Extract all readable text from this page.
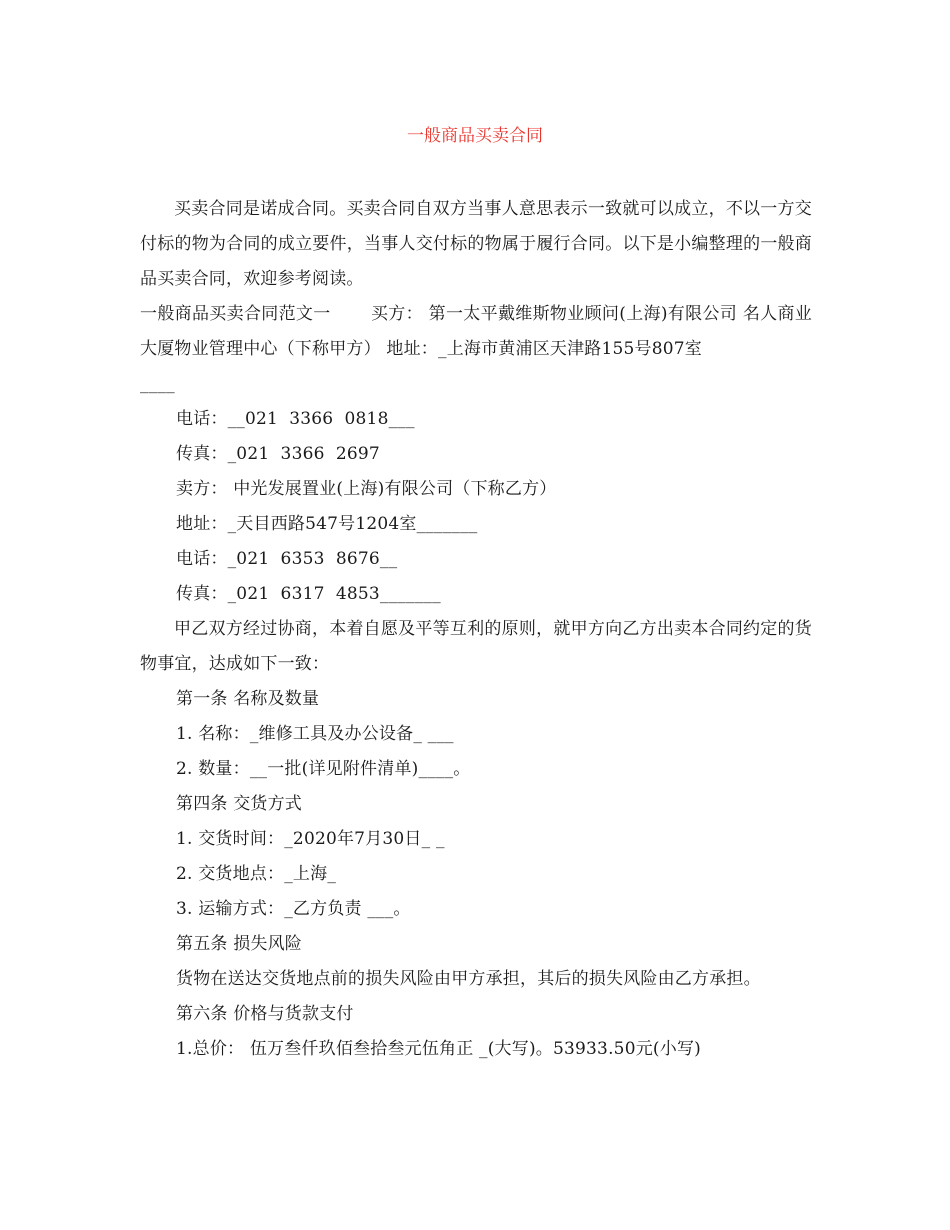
一般商品买卖合同

买卖合同是诺成合同。买卖合同自双方当事人意思表示一致就可以成立，不以一方交付标的物为合同的成立要件，当事人交付标的物属于履行合同。以下是小编整理的一般商品买卖合同，欢迎参考阅读。

一般商品买卖合同范文一　　 买方： 第一太平戴维斯物业顾问(上海)有限公司 名人商业大厦物业管理中心（下称甲方） 地址：_上海市黄浦区天津路155号807室

____

电话：__021  3366  0818___

传真：_021  3366  2697

卖方： 中光发展置业(上海)有限公司（下称乙方）

地址：_天目西路547号1204室_______

电话：_021  6353  8676__

传真：_021  6317  4853_______

甲乙双方经过协商，本着自愿及平等互利的原则，就甲方向乙方出卖本合同约定的货物事宜，达成如下一致：

第一条 名称及数量

1. 名称：_维修工具及办公设备_ ___

2. 数量：__一批(详见附件清单)____。

第四条 交货方式

1. 交货时间：_2020年7月30日_ _

2. 交货地点：_上海_

3. 运输方式：_乙方负责 ___。

第五条 损失风险

货物在送达交货地点前的损失风险由甲方承担，其后的损失风险由乙方承担。

第六条 价格与货款支付

1.总价： 伍万叁仟玖佰叁拾叁元伍角正 _(大写)。53933.50元(小写)
